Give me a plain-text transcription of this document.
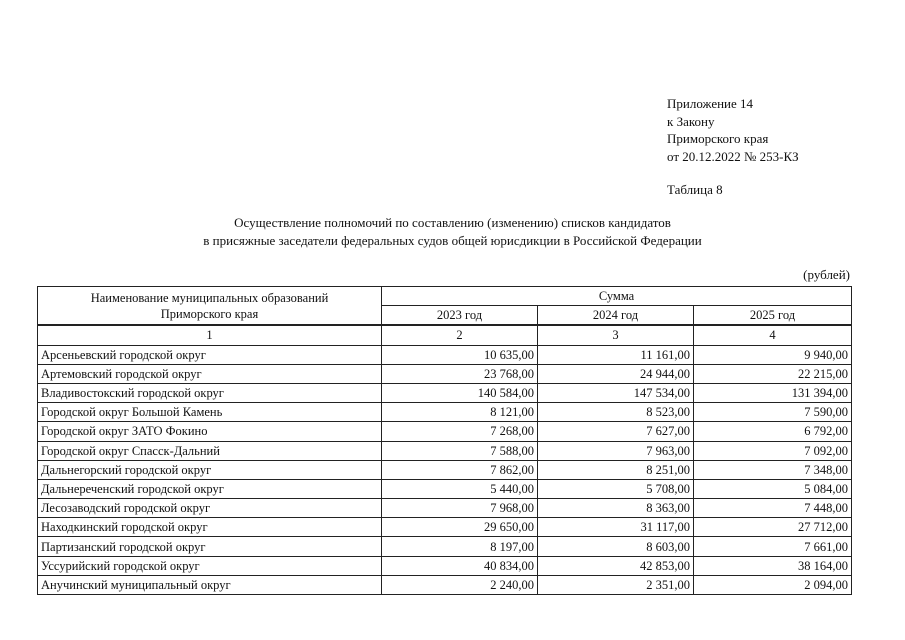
Приложение 14
к Закону
Приморского края
от 20.12.2022 № 253-КЗ
Таблица 8
Осуществление полномочий по составлению (изменению) списков кандидатов
в присяжные заседатели федеральных судов общей юрисдикции в Российской Федерации
(рублей)
Наименование муниципальных образований
Приморского края	Сумма		
	2023 год	2024 год	2025 год
1	2	3	4
Арсеньевский городской округ	10 635,00	11 161,00	9 940,00
Артемовский городской округ	23 768,00	24 944,00	22 215,00
Владивостокский городской округ	140 584,00	147 534,00	131 394,00
Городской округ Большой Камень	8 121,00	8 523,00	7 590,00
Городской округ ЗАТО Фокино	7 268,00	7 627,00	6 792,00
Городской округ Спасск-Дальний	7 588,00	7 963,00	7 092,00
Дальнегорский городской округ	7 862,00	8 251,00	7 348,00
Дальнереченский городской округ	5 440,00	5 708,00	5 084,00
Лесозаводский городской округ	7 968,00	8 363,00	7 448,00
Находкинский городской округ	29 650,00	31 117,00	27 712,00
Партизанский городской округ	8 197,00	8 603,00	7 661,00
Уссурийский городской округ	40 834,00	42 853,00	38 164,00
Анучинский муниципальный округ	2 240,00	2 351,00	2 094,00
